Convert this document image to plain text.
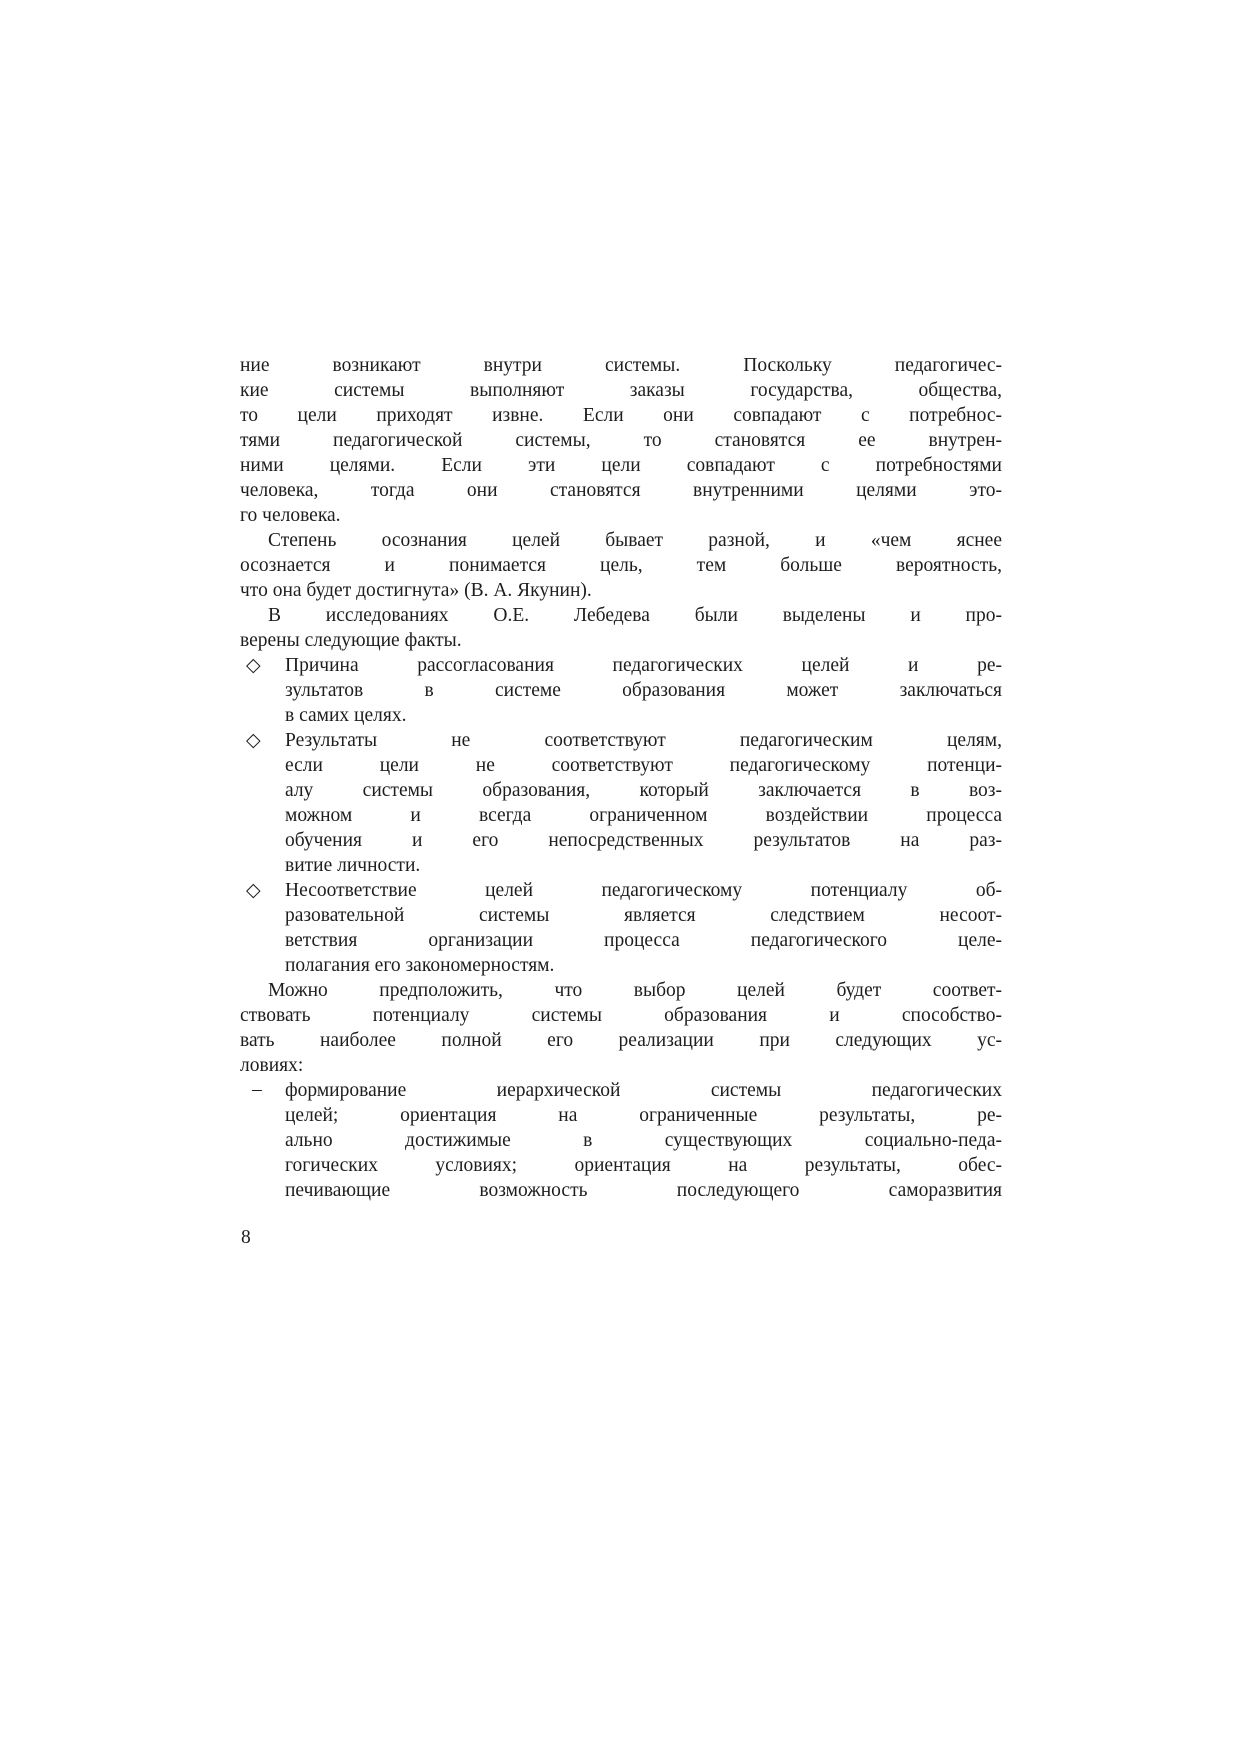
ние возникают внутри системы. Поскольку педагогичес-
кие системы выполняют заказы государства, общества,
то цели приходят извне. Если они совпадают с потребнос-
тями педагогической системы, то становятся ее внутрен-
ними целями. Если эти цели совпадают с потребностями
человека, тогда они становятся внутренними целями это-
го человека.
Степень осознания целей бывает разной, и «чем яснее
осознается и понимается цель, тем больше вероятность,
что она будет достигнута» (В. А. Якунин).
В исследованиях О.Е. Лебедева были выделены и про-
верены следующие факты.
◇ Причина рассогласования педагогических целей и ре-
зультатов в системе образования может заключаться
в самих целях.
◇ Результаты не соответствуют педагогическим целям,
если цели не соответствуют педагогическому потенци-
алу системы образования, который заключается в воз-
можном и всегда ограниченном воздействии процесса
обучения и его непосредственных результатов на раз-
витие личности.
◇ Несоответствие целей педагогическому потенциалу об-
разовательной системы является следствием несоот-
ветствия организации процесса педагогического целе-
полагания его закономерностям.
Можно предположить, что выбор целей будет соответ-
ствовать потенциалу системы образования и способство-
вать наиболее полной его реализации при следующих ус-
ловиях:
– формирование иерархической системы педагогических
целей; ориентация на ограниченные результаты, ре-
ально достижимые в существующих социально-педа-
гогических условиях; ориентация на результаты, обес-
печивающие возможность последующего саморазвития
8
